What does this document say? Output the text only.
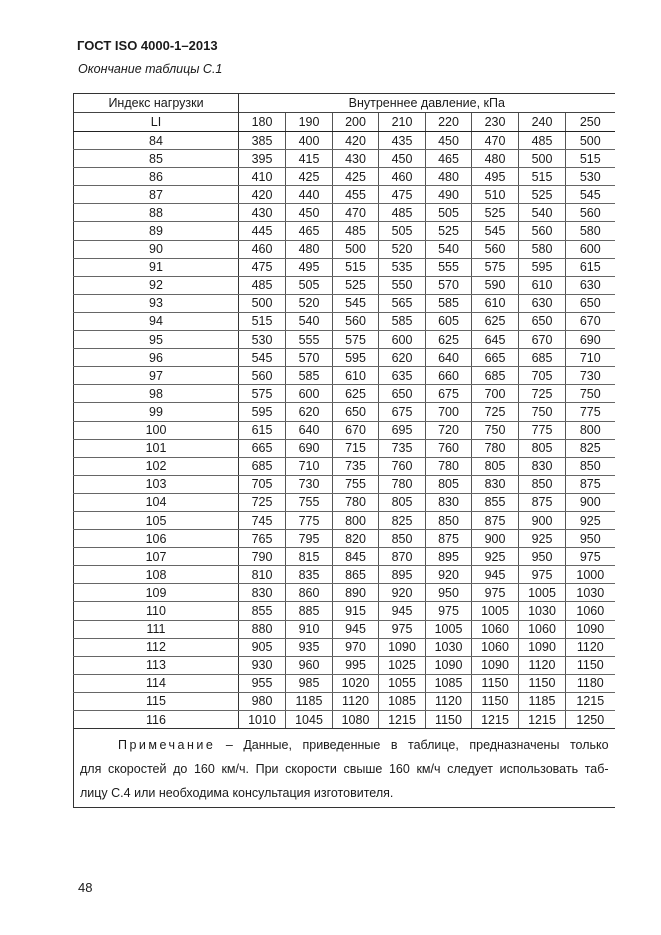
ГОСТ ISO 4000-1–2013
Окончание таблицы С.1
Индекс нагрузки	Внутреннее давление, кПа							
LI	180	190	200	210	220	230	240	250
84	385	400	420	435	450	470	485	500
85	395	415	430	450	465	480	500	515
86	410	425	425	460	480	495	515	530
87	420	440	455	475	490	510	525	545
88	430	450	470	485	505	525	540	560
89	445	465	485	505	525	545	560	580
90	460	480	500	520	540	560	580	600
91	475	495	515	535	555	575	595	615
92	485	505	525	550	570	590	610	630
93	500	520	545	565	585	610	630	650
94	515	540	560	585	605	625	650	670
95	530	555	575	600	625	645	670	690
96	545	570	595	620	640	665	685	710
97	560	585	610	635	660	685	705	730
98	575	600	625	650	675	700	725	750
99	595	620	650	675	700	725	750	775
100	615	640	670	695	720	750	775	800
101	665	690	715	735	760	780	805	825
102	685	710	735	760	780	805	830	850
103	705	730	755	780	805	830	850	875
104	725	755	780	805	830	855	875	900
105	745	775	800	825	850	875	900	925
106	765	795	820	850	875	900	925	950
107	790	815	845	870	895	925	950	975
108	810	835	865	895	920	945	975	1000
109	830	860	890	920	950	975	1005	1030
110	855	885	915	945	975	1005	1030	1060
111	880	910	945	975	1005	1060	1060	1090
112	905	935	970	1090	1030	1060	1090	1120
113	930	960	995	1025	1090	1090	1120	1150
114	955	985	1020	1055	1085	1150	1150	1180
115	980	1185	1120	1085	1120	1150	1185	1215
116	1010	1045	1080	1215	1150	1215	1215	1250

Примечание – Данные, приведенные в таблице, предназначены только
для скоростей до 160 км/ч. При скорости свыше 160 км/ч следует использовать таб-
лицу С.4 или необходима консультация изготовителя.								
48
